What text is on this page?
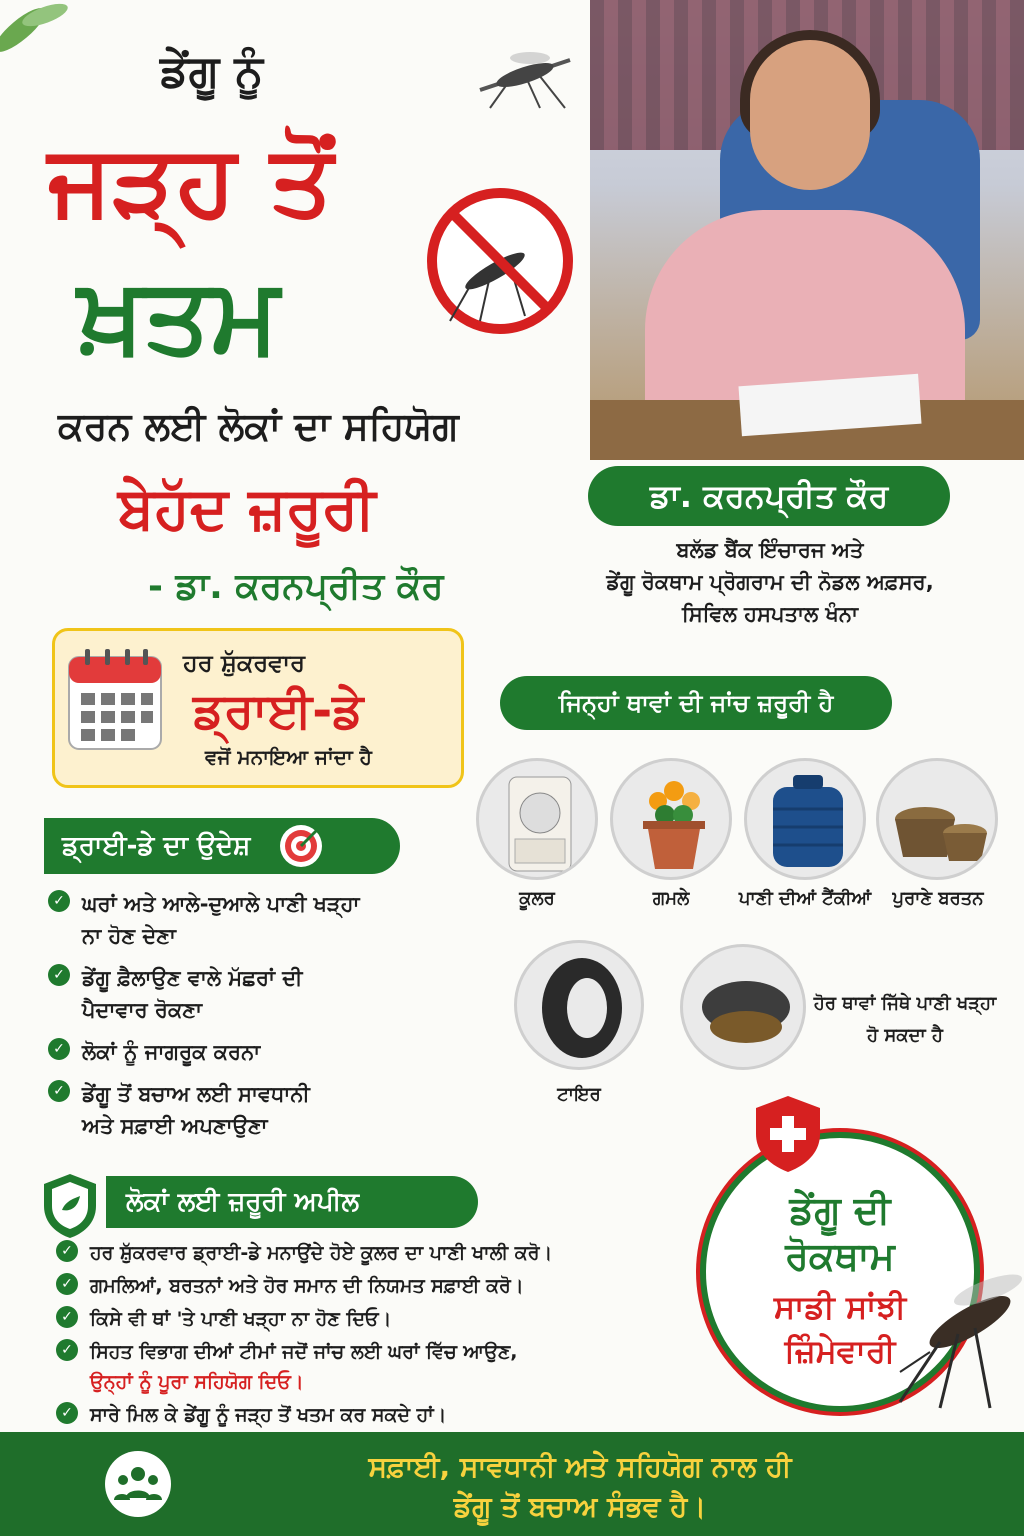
ਡੇਂਗੂ ਨੂੰ
ਜੜ੍ਹ ਤੋਂ
ਖ਼ਤਮ
ਕਰਨ ਲਈ ਲੋਕਾਂ ਦਾ ਸਹਿਯੋਗ
ਬੇਹੱਦ ਜ਼ਰੂਰੀ
- ਡਾ. ਕਰਨਪ੍ਰੀਤ ਕੌਰ
ਡਾ. ਕਰਨਪ੍ਰੀਤ ਕੌਰ
ਬਲੱਡ ਬੈਂਕ ਇੰਚਾਰਜ ਅਤੇ
ਡੇਂਗੂ ਰੋਕਥਾਮ ਪ੍ਰੋਗਰਾਮ ਦੀ ਨੋਡਲ ਅਫ਼ਸਰ,
ਸਿਵਿਲ ਹਸਪਤਾਲ ਖੰਨਾ
ਹਰ ਸ਼ੁੱਕਰਵਾਰ
ਡ੍ਰਾਈ-ਡੇ
ਵਜੋਂ ਮਨਾਇਆ ਜਾਂਦਾ ਹੈ
ਡ੍ਰਾਈ-ਡੇ ਦਾ ਉਦੇਸ਼
✓ ਘਰਾਂ ਅਤੇ ਆਲੇ-ਦੁਆਲੇ ਪਾਣੀ ਖੜ੍ਹਾ
ਨਾ ਹੋਣ ਦੇਣਾ
✓ ਡੇਂਗੂ ਫ਼ੈਲਾਉਣ ਵਾਲੇ ਮੱਛਰਾਂ ਦੀ
ਪੈਦਾਵਾਰ ਰੋਕਣਾ
✓ ਲੋਕਾਂ ਨੂੰ ਜਾਗਰੂਕ ਕਰਨਾ
✓ ਡੇਂਗੂ ਤੋਂ ਬਚਾਅ ਲਈ ਸਾਵਧਾਨੀ
ਅਤੇ ਸਫ਼ਾਈ ਅਪਣਾਉਣਾ
ਜਿਨ੍ਹਾਂ ਥਾਵਾਂ ਦੀ ਜਾਂਚ ਜ਼ਰੂਰੀ ਹੈ
ਕੂਲਰ	ਗਮਲੇ	ਪਾਣੀ ਦੀਆਂ ਟੈਂਕੀਆਂ	ਪੁਰਾਣੇ ਬਰਤਨ
ਟਾਇਰ
ਹੋਰ ਥਾਵਾਂ ਜਿੱਥੇ ਪਾਣੀ ਖੜ੍ਹਾ ਹੋ ਸਕਦਾ ਹੈ
ਲੋਕਾਂ ਲਈ ਜ਼ਰੂਰੀ ਅਪੀਲ
✓ ਹਰ ਸ਼ੁੱਕਰਵਾਰ ਡ੍ਰਾਈ-ਡੇ ਮਨਾਉਂਦੇ ਹੋਏ ਕੂਲਰ ਦਾ ਪਾਣੀ ਖਾਲੀ ਕਰੋ।
✓ ਗਮਲਿਆਂ, ਬਰਤਨਾਂ ਅਤੇ ਹੋਰ ਸਮਾਨ ਦੀ ਨਿਯਮਤ ਸਫ਼ਾਈ ਕਰੋ।
✓ ਕਿਸੇ ਵੀ ਥਾਂ 'ਤੇ ਪਾਣੀ ਖੜ੍ਹਾ ਨਾ ਹੋਣ ਦਿਓ।
✓ ਸਿਹਤ ਵਿਭਾਗ ਦੀਆਂ ਟੀਮਾਂ ਜਦੋਂ ਜਾਂਚ ਲਈ ਘਰਾਂ ਵਿੱਚ ਆਉਣ,
ਉਨ੍ਹਾਂ ਨੂੰ ਪੂਰਾ ਸਹਿਯੋਗ ਦਿਓ।
✓ ਸਾਰੇ ਮਿਲ ਕੇ ਡੇਂਗੂ ਨੂੰ ਜੜ੍ਹ ਤੋਂ ਖਤਮ ਕਰ ਸਕਦੇ ਹਾਂ।
ਡੇਂਗੂ ਦੀ
ਰੋਕਥਾਮ
ਸਾਡੀ ਸਾਂਝੀ
ਜ਼ਿੰਮੇਵਾਰੀ
ਸਫ਼ਾਈ, ਸਾਵਧਾਨੀ ਅਤੇ ਸਹਿਯੋਗ ਨਾਲ ਹੀ
ਡੇਂਗੂ ਤੋਂ ਬਚਾਅ ਸੰਭਵ ਹੈ।
